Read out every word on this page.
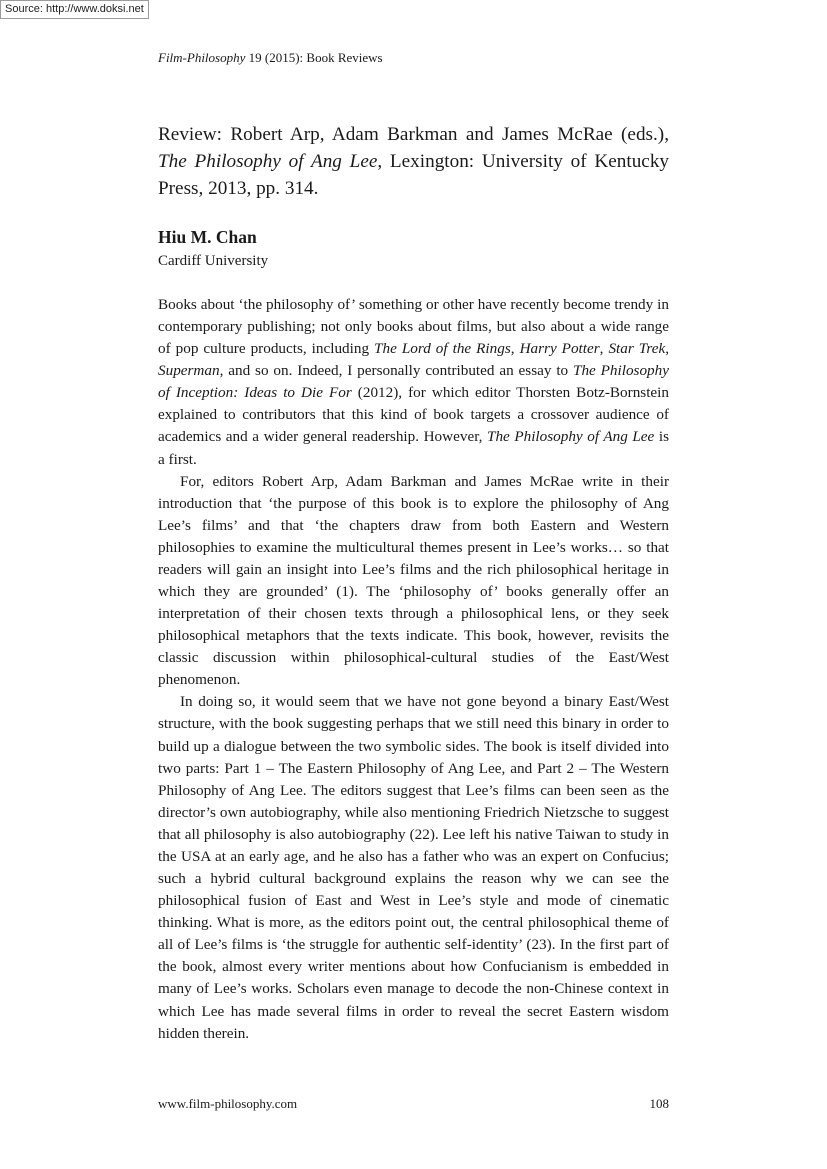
Source: http://www.doksi.net
Film-Philosophy 19 (2015): Book Reviews
Review: Robert Arp, Adam Barkman and James McRae (eds.), The Philosophy of Ang Lee, Lexington: University of Kentucky Press, 2013, pp. 314.
Hiu M. Chan
Cardiff University

Books about ‘the philosophy of’ something or other have recently become trendy in contemporary publishing; not only books about films, but also about a wide range of pop culture products, including The Lord of the Rings, Harry Potter, Star Trek, Superman, and so on. Indeed, I personally contributed an essay to The Philosophy of Inception: Ideas to Die For (2012), for which editor Thorsten Botz-Bornstein explained to contributors that this kind of book targets a crossover audience of academics and a wider general readership. However, The Philosophy of Ang Lee is a first.

For, editors Robert Arp, Adam Barkman and James McRae write in their introduction that ‘the purpose of this book is to explore the philosophy of Ang Lee’s films’ and that ‘the chapters draw from both Eastern and Western philosophies to examine the multicultural themes present in Lee’s works… so that readers will gain an insight into Lee’s films and the rich philosophical heritage in which they are grounded’ (1). The ‘philosophy of’ books generally offer an interpretation of their chosen texts through a philosophical lens, or they seek philosophical metaphors that the texts indicate. This book, however, revisits the classic discussion within philosophical-cultural studies of the East/West phenomenon.

In doing so, it would seem that we have not gone beyond a binary East/West structure, with the book suggesting perhaps that we still need this binary in order to build up a dialogue between the two symbolic sides. The book is itself divided into two parts: Part 1 – The Eastern Philosophy of Ang Lee, and Part 2 – The Western Philosophy of Ang Lee. The editors suggest that Lee’s films can been seen as the director’s own autobiography, while also mentioning Friedrich Nietzsche to suggest that all philosophy is also autobiography (22). Lee left his native Taiwan to study in the USA at an early age, and he also has a father who was an expert on Confucius; such a hybrid cultural background explains the reason why we can see the philosophical fusion of East and West in Lee’s style and mode of cinematic thinking. What is more, as the editors point out, the central philosophical theme of all of Lee’s films is ‘the struggle for authentic self-identity’ (23). In the first part of the book, almost every writer mentions about how Confucianism is embedded in many of Lee’s works. Scholars even manage to decode the non-Chinese context in which Lee has made several films in order to reveal the secret Eastern wisdom hidden therein.

www.film-philosophy.com	108
